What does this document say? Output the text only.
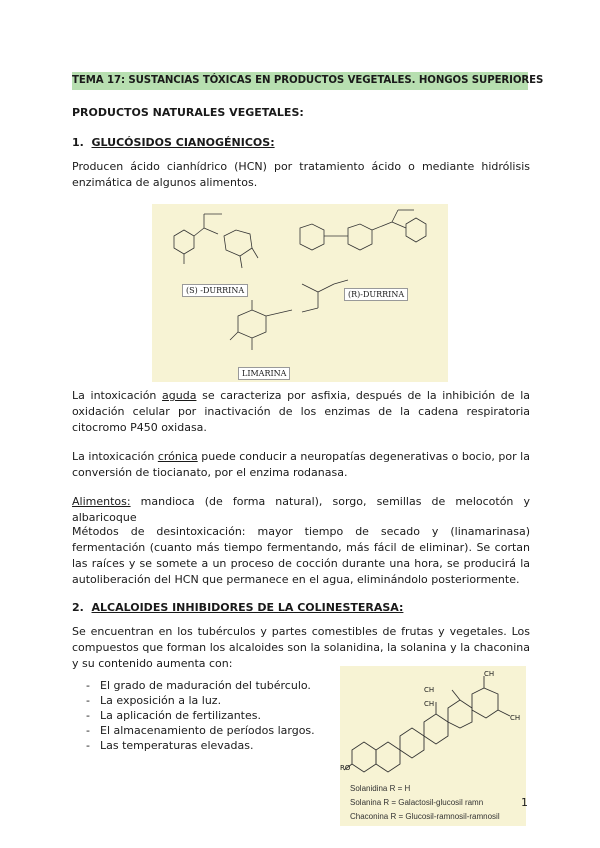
TEMA 17: SUSTANCIAS TÓXICAS EN PRODUCTOS VEGETALES. HONGOS SUPERIORES
PRODUCTOS NATURALES VEGETALES:
1. GLUCÓSIDOS CIANOGÉNICOS:
Producen ácido cianhídrico (HCN) por tratamiento ácido o mediante hidrólisis enzimática de algunos alimentos.
(S) -DURRINA	(R)-DURRINA
LIMARINA
La intoxicación aguda se caracteriza por asfixia, después de la inhibición de la oxidación celular por inactivación de los enzimas de la cadena respiratoria citocromo P450 oxidasa.
La intoxicación crónica puede conducir a neuropatías degenerativas o bocio, por la conversión de tiocianato, por el enzima rodanasa.
Alimentos: mandioca (de forma natural), sorgo, semillas de melocotón y albaricoque
Métodos de desintoxicación: mayor tiempo de secado y (linamarinasa) fermentación (cuanto más tiempo fermentando, más fácil de eliminar). Se cortan las raíces y se somete a un proceso de cocción durante una hora, se producirá la autoliberación del HCN que permanece en el agua, eliminándolo posteriormente.
2. ALCALOIDES INHIBIDORES DE LA COLINESTERASA:
Se encuentran en los tubérculos y partes comestibles de frutas y vegetales. Los compuestos que forman los alcaloides son la solanidina, la solanina y la chaconina y su contenido aumenta con:
- El grado de maduración del tubérculo.
- La exposición a la luz.
- La aplicación de fertilizantes.
- El almacenamiento de períodos largos.
- Las temperaturas elevadas.
CH
CH
CH
CH
RO
Solanidina R = H
Solanina R = Galactosil-glucosil ramn
Chaconina R = Glucosil-ramnosil-ramnosil
1
